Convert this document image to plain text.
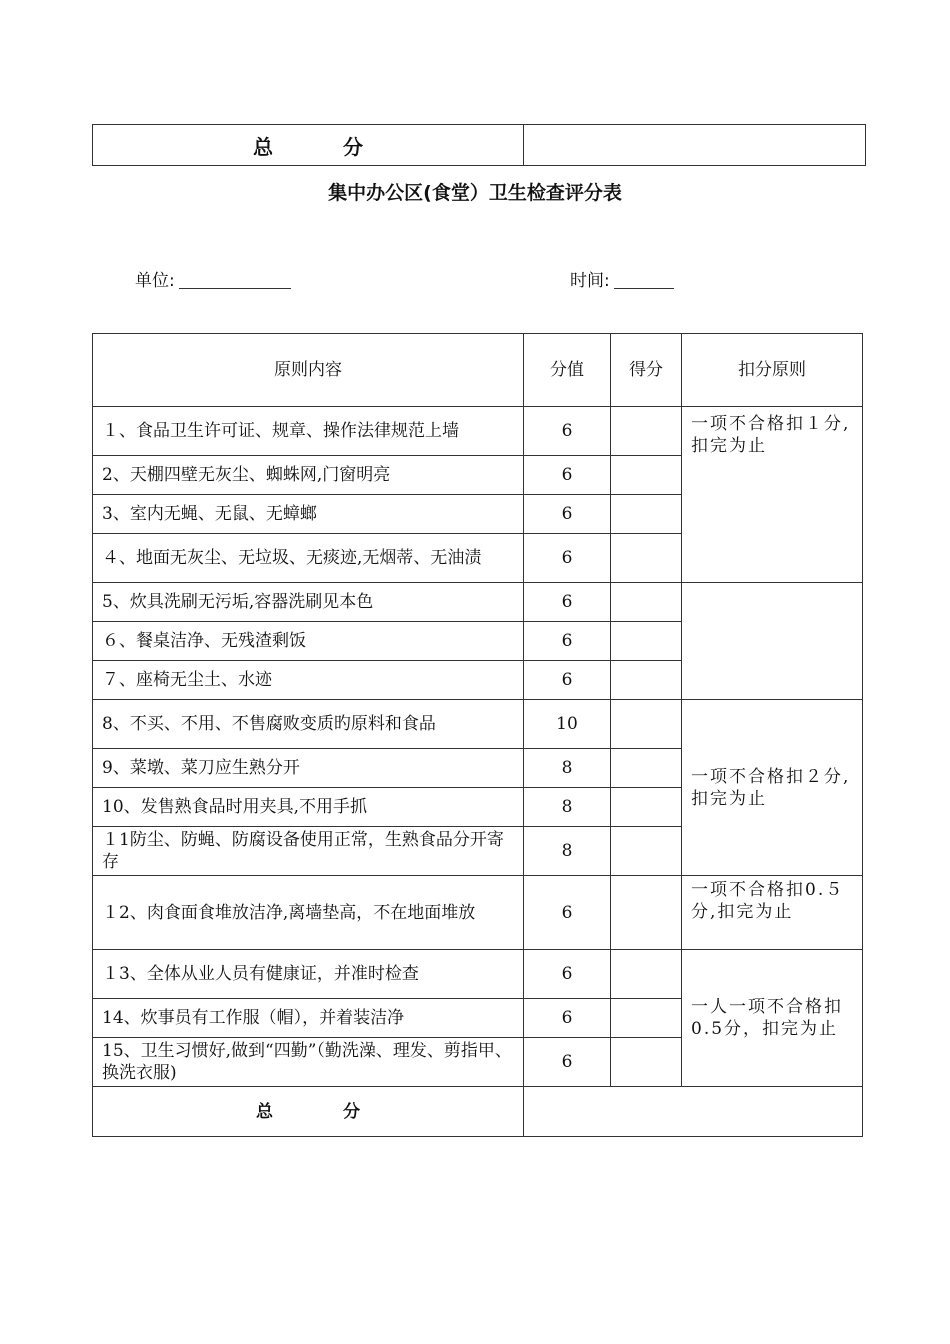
总	分	
集中办公区(食堂）卫生检查评分表
单位:	时间:
原则内容	分值	得分	扣分原则
１、食品卫生许可证、规章、操作法律规范上墙	6		一项不合格扣１分,扣完为止
2、天棚四壁无灰尘、蜘蛛网,门窗明亮	6		
3、室内无蝇、无鼠、无蟑螂	6		
４、地面无灰尘、无垃圾、无痰迹,无烟蒂、无油渍	6		
5、炊具洗刷无污垢,容器洗刷见本色	6		
６、餐桌洁净、无残渣剩饭	6		
７、座椅无尘土、水迹	6		
8、不买、不用、不售腐败变质旳原料和食品	10		一项不合格扣２分,扣完为止
9、菜墩、菜刀应生熟分开	8		
10、发售熟食品时用夹具,不用手抓	8		
１1防尘、防蝇、防腐设备使用正常，生熟食品分开寄存	8		
１2、肉食面食堆放洁净,离墙垫高，不在地面堆放	6		一项不合格扣0.５分,扣完为止
１3、全体从业人员有健康证，并准时检查	6		一人一项不合格扣0.5分，扣完为止
14、炊事员有工作服（帽），并着装洁净	6		
15、卫生习惯好,做到“四勤”（勤洗澡、理发、剪指甲、换洗衣服)	6		
总 分			
